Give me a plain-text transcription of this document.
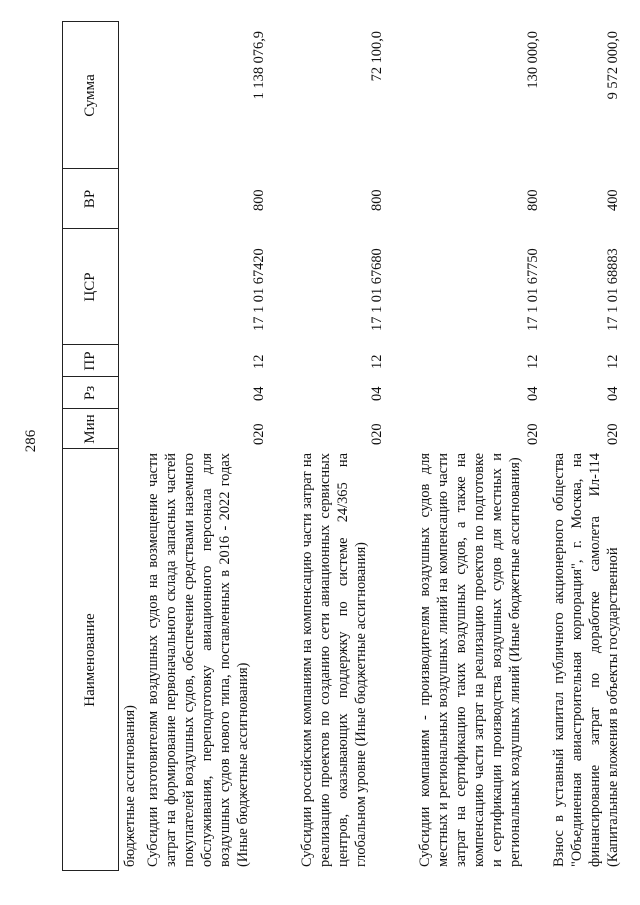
286
Наименование
Мин
Рз
ПР
ЦСР
ВР
Сумма
бюджетные ассигнования) Субсидии изготовителям воздушных судов на возмещение части затрат на формирование первоначального склада запасных частей покупателей воздушных судов, обеспечение средствами наземного обслуживания, переподготовку авиационного персонала для воздушных судов нового типа, поставленных в 2016 - 2022 годах (Иные бюджетные ассигнования)
020
04
12
17 1 01 67420
800
1 138 076,9
Субсидии российским компаниям на компенсацию части затрат на реализацию проектов по созданию сети авиационных сервисных центров, оказывающих поддержку по системе 24/365 на глобальном уровне (Иные бюджетные ассигнования)
020
04
12
17 1 01 67680
800
72 100,0
Субсидии компаниям - производителям воздушных судов для местных и региональных воздушных линий на компенсацию части затрат на сертификацию таких воздушных судов, а также на компенсацию части затрат на реализацию проектов по подготовке и сертификации производства воздушных судов для местных и региональных воздушных линий (Иные бюджетные ассигнования)
020
04
12
17 1 01 67750
800
130 000,0
Взнос в уставный капитал публичного акционерного общества "Объединенная авиастроительная корпорация", г. Москва, на финансирование затрат по доработке самолета Ил-114 (Капитальные вложения в объекты государственной
020
04
12
17 1 01 68883
400
9 572 000,0
